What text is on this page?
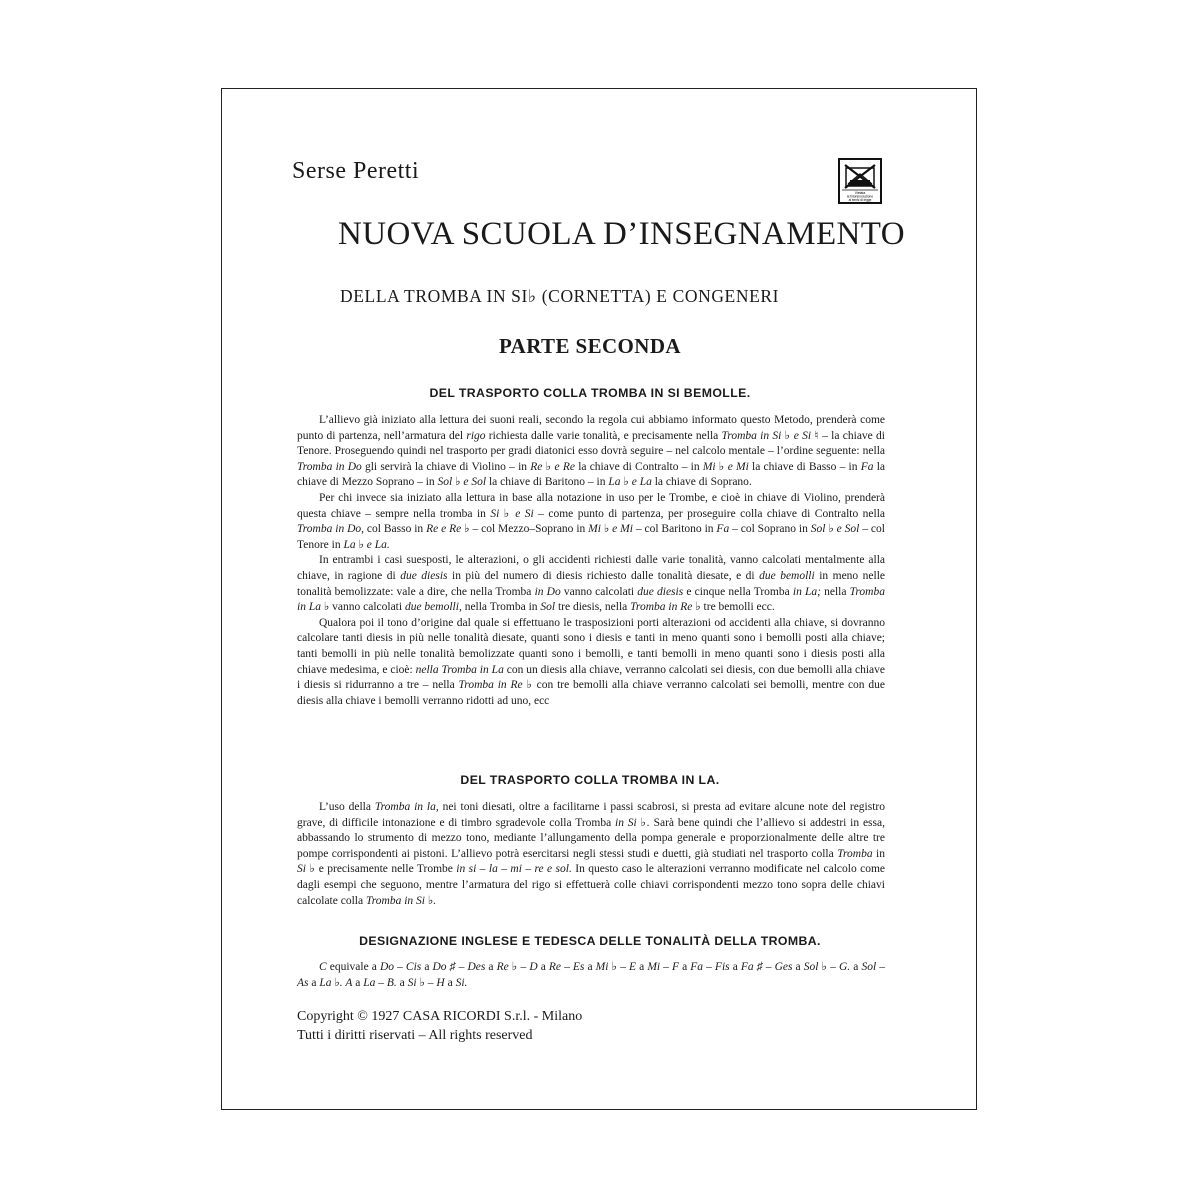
Serse Peretti
Vietata
la fotoriproduzione
ai sensi di legge
NUOVA SCUOLA D’INSEGNAMENTO
DELLA TROMBA IN SI♭ (CORNETTA) E CONGENERI
PARTE SECONDA
DEL TRASPORTO COLLA TROMBA IN SI BEMOLLE.

L’allievo già iniziato alla lettura dei suoni reali, secondo la regola cui abbiamo informato questo Metodo, prenderà come punto di partenza, nell’armatura del rigo richiesta dalle varie tonalità, e precisamente nella Tromba in Si ♭ e Si ♮ – la chiave di Tenore. Proseguendo quindi nel trasporto per gradi diatonici esso dovrà seguire – nel calcolo mentale – l’ordine seguente: nella Tromba in Do gli servirà la chiave di Violino – in Re ♭ e Re la chiave di Contralto – in Mi ♭ e Mi la chiave di Basso – in Fa la chiave di Mezzo Soprano – in Sol ♭ e Sol la chiave di Baritono – in La ♭ e La la chiave di Soprano.

Per chi invece sia iniziato alla lettura in base alla notazione in uso per le Trombe, e cioè in chiave di Violino, prenderà questa chiave – sempre nella tromba in Si ♭ e Si – come punto di partenza, per proseguire colla chiave di Contralto nella Tromba in Do, col Basso in Re e Re ♭ – col Mezzo–Soprano in Mi ♭ e Mi – col Baritono in Fa – col Soprano in Sol ♭ e Sol – col Tenore in La ♭ e La.

In entrambi i casi suesposti, le alterazioni, o gli accidenti richiesti dalle varie tonalità, vanno calcolati mentalmente alla chiave, in ragione di due diesis in più del numero di diesis richiesto dalle tonalità diesate, e di due bemolli in meno nelle tonalità bemolizzate: vale a dire, che nella Tromba in Do vanno calcolati due diesis e cinque nella Tromba in La; nella Tromba in La ♭ vanno calcolati due bemolli, nella Tromba in Sol tre diesis, nella Tromba in Re ♭ tre bemolli ecc.

Qualora poi il tono d’origine dal quale si effettuano le trasposizioni porti alterazioni od accidenti alla chiave, si dovranno calcolare tanti diesis in più nelle tonalità diesate, quanti sono i diesis e tanti in meno quanti sono i bemolli posti alla chiave; tanti bemolli in più nelle tonalità bemolizzate quanti sono i bemolli, e tanti bemolli in meno quanti sono i diesis posti alla chiave medesima, e cioè: nella Tromba in La con un diesis alla chiave, verranno calcolati sei diesis, con due bemolli alla chiave i diesis si ridurranno a tre – nella Tromba in Re ♭ con tre bemolli alla chiave verranno calcolati sei bemolli, mentre con due diesis alla chiave i bemolli verranno ridotti ad uno, ecc

DEL TRASPORTO COLLA TROMBA IN LA.

L’uso della Tromba in la, nei toni diesati, oltre a facilitarne i passi scabrosi, si presta ad evitare alcune note del registro grave, di difficile intonazione e di timbro sgradevole colla Tromba in Si ♭. Sarà bene quindi che l’allievo si addestri in essa, abbassando lo strumento di mezzo tono, mediante l’allungamento della pompa generale e proporzionalmente delle altre tre pompe corrispondenti ai pistoni. L’allievo potrà esercitarsi negli stessi studi e duetti, già studiati nel trasporto colla Tromba in Si ♭ e precisamente nelle Trombe in si – la – mi – re e sol. In questo caso le alterazioni verranno modificate nel calcolo come dagli esempi che seguono, mentre l’armatura del rigo si effettuerà colle chiavi corrispondenti mezzo tono sopra delle chiavi calcolate colla Tromba in Si ♭.

DESIGNAZIONE INGLESE E TEDESCA DELLE TONALITÀ DELLA TROMBA.

C equivale a Do – Cis a Do ♯ – Des a Re ♭ – D a Re – Es a Mi ♭ – E a Mi – F a Fa – Fis a Fa ♯ – Ges a Sol ♭ – G. a Sol – As a La ♭. A a La – B. a Si ♭ – H a Si.

Copyright © 1927 CASA RICORDI S.r.l. - Milano
Tutti i diritti riservati – All rights reserved
